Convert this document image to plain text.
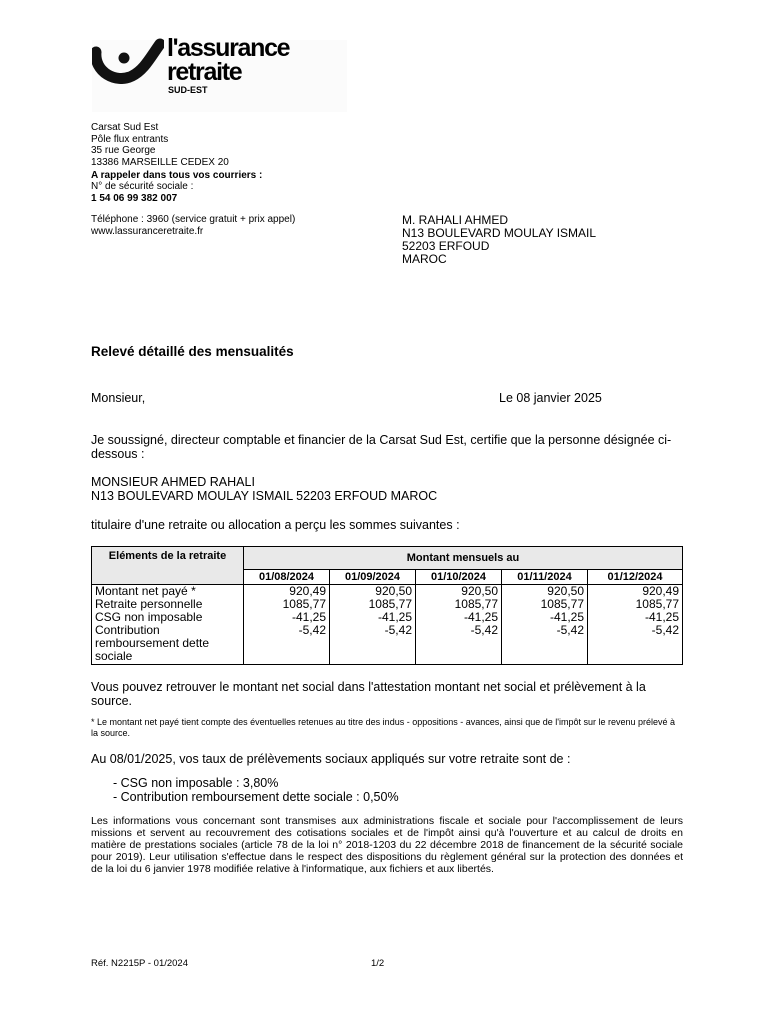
l'assurance
retraite
SUD-EST
Carsat Sud Est
Pôle flux entrants
35 rue George
13386 MARSEILLE CEDEX 20
A rappeler dans tous vos courriers :
N° de sécurité sociale :
1 54 06 99 382 007
Téléphone : 3960 (service gratuit + prix appel)
www.lassuranceretraite.fr
M. RAHALI AHMED
N13 BOULEVARD MOULAY ISMAIL
52203 ERFOUD
MAROC
Relevé détaillé des mensualités
Monsieur,	Le 08 janvier 2025
Je soussigné, directeur comptable et financier de la Carsat Sud Est, certifie que la personne désignée ci-dessous :
MONSIEUR AHMED RAHALI
N13 BOULEVARD MOULAY ISMAIL 52203 ERFOUD MAROC
titulaire d'une retraite ou allocation a perçu les sommes suivantes :
Eléments de la retraite	Montant mensuels au				
	01/08/2024	01/09/2024	01/10/2024	01/11/2024	01/12/2024
Montant net payé *	920,49	920,50	920,50	920,50	920,49
Retraite personnelle	1085,77	1085,77	1085,77	1085,77	1085,77
CSG non imposable	-41,25	-41,25	-41,25	-41,25	-41,25
Contribution remboursement dette sociale	-5,42	-5,42	-5,42	-5,42	-5,42
Vous pouvez retrouver le montant net social dans l'attestation montant net social et prélèvement à la source.
* Le montant net payé tient compte des éventuelles retenues au titre des indus - oppositions - avances, ainsi que de l'impôt sur le revenu prélevé à la source.
Au 08/01/2025, vos taux de prélèvements sociaux appliqués sur votre retraite sont de :
- CSG non imposable : 3,80%
- Contribution remboursement dette sociale : 0,50%
Les informations vous concernant sont transmises aux administrations fiscale et sociale pour l'accomplissement de leurs missions et servent au recouvrement des cotisations sociales et de l'impôt ainsi qu'à l'ouverture et au calcul de droits en matière de prestations sociales (article 78 de la loi n° 2018-1203 du 22 décembre 2018 de financement de la sécurité sociale pour 2019). Leur utilisation s'effectue dans le respect des dispositions du règlement général sur la protection des données et de la loi du 6 janvier 1978 modifiée relative à l'informatique, aux fichiers et aux libertés.
Réf. N2215P - 01/2024	1/2
